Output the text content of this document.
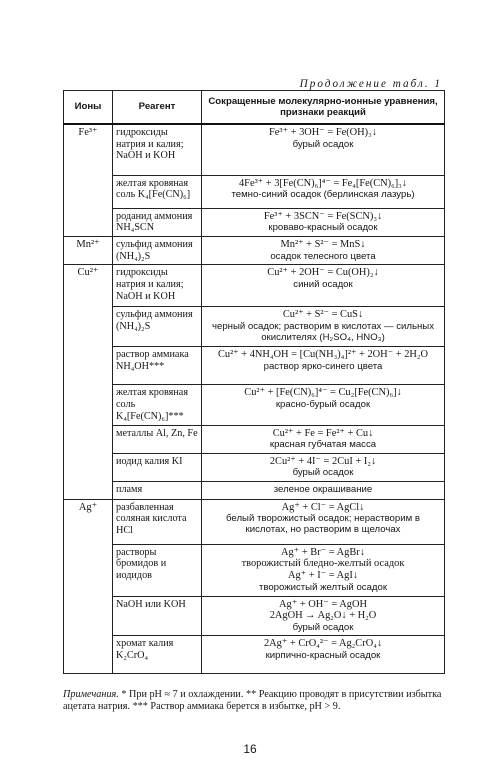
Продолжение табл. 1
Ионы	Реагент	Сокращенные молекулярно-ионные уравнения, признаки реакций
Fe³⁺	гидроксиды натрия и калия; NaOH и KOH	Fe³⁺ + 3OH⁻ = Fe(OH)₃↓
бурый осадок

	желтая кровяная соль K₄[Fe(CN)₆]	4Fe³⁺ + 3[Fe(CN)₆]⁴⁻ = Fe₄[Fe(CN)₆]₃↓
темно-синий осадок (берлинская лазурь)

	роданид аммония NH₄SCN	Fe³⁺ + 3SCN⁻ = Fe(SCN)₃↓
кроваво-красный осадок

Mn²⁺	сульфид аммония (NH₄)₂S	Mn²⁺ + S²⁻ = MnS↓
осадок телесного цвета

Cu²⁺	гидроксиды натрия и калия; NaOH и KOH	Cu²⁺ + 2OH⁻ = Cu(OH)₂↓
синий осадок

	сульфид аммония (NH₄)₂S	Cu²⁺ + S²⁻ = CuS↓
черный осадок; растворим в кислотах — сильных окислителях (H₂SO₄, HNO₃)

	раствор аммиака NH₄OH***	Cu²⁺ + 4NH₄OH = [Cu(NH₃)₄]²⁺ + 2OH⁻ + 2H₂O
раствор ярко-синего цвета

	желтая кровяная соль K₄[Fe(CN)₆]***	Cu²⁺ + [Fe(CN)₆]⁴⁻ = Cu₂[Fe(CN)₆]↓
красно-бурый осадок

	металлы Al, Zn, Fe	Cu²⁺ + Fe = Fe²⁺ + Cu↓
красная губчатая масса

	иодид калия KI	2Cu²⁺ + 4I⁻ = 2CuI + I₂↓
бурый осадок

	пламя	зеленое окрашивание

Ag⁺	разбавленная соляная кислота HCl	Ag⁺ + Cl⁻ = AgCl↓
белый творожистый осадок; нерастворим в кислотах, но растворим в щелочах

	растворы бромидов и иодидов	Ag⁺ + Br⁻ = AgBr↓
творожистый бледно-желтый осадок
Ag⁺ + I⁻ = AgI↓
творожистый желтый осадок

	NaOH или KOH	Ag⁺ + OH⁻ = AgOH
2AgOH → Ag₂O↓ + H₂O
бурый осадок

	хромат калия K₂CrO₄	2Ag⁺ + CrO₄²⁻ = Ag₂CrO₄↓
кирпично-красный осадок
Примечания. * При pH ≈ 7 и охлаждении. ** Реакцию проводят в присутствии избытка ацетата натрия. *** Раствор аммиака берется в избытке, pH > 9.
16
